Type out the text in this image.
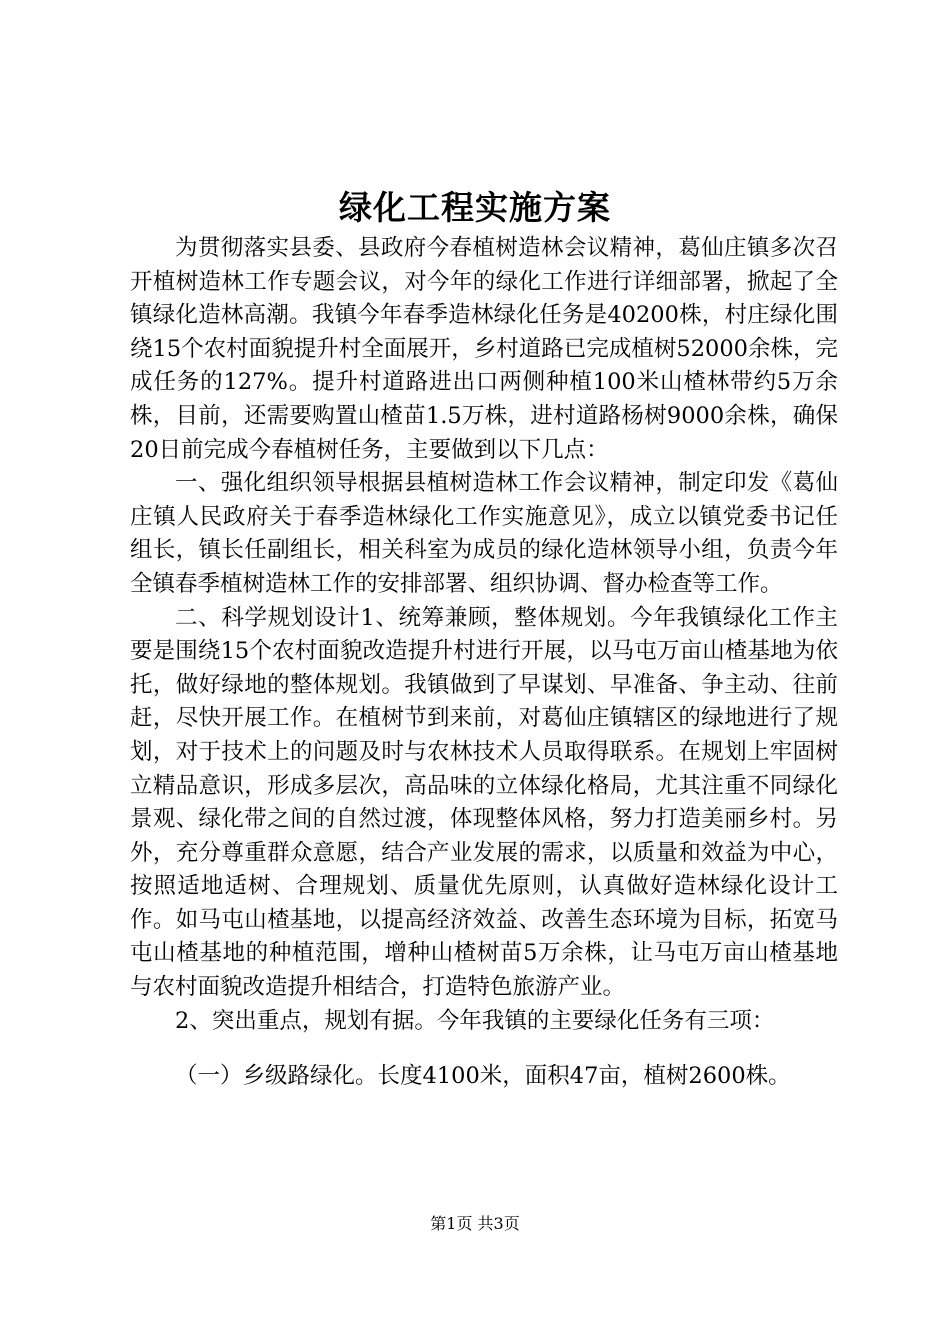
绿化工程实施方案

为贯彻落实县委、县政府今春植树造林会议精神，葛仙庄镇多次召开植树造林工作专题会议，对今年的绿化工作进行详细部署，掀起了全镇绿化造林高潮。我镇今年春季造林绿化任务是40200株，村庄绿化围绕15个农村面貌提升村全面展开，乡村道路已完成植树52000余株，完成任务的127%。提升村道路进出口两侧种植100米山楂林带约5万余株，目前，还需要购置山楂苗1.5万株，进村道路杨树9000余株，确保20日前完成今春植树任务，主要做到以下几点：

一、强化组织领导根据县植树造林工作会议精神，制定印发《葛仙庄镇人民政府关于春季造林绿化工作实施意见》，成立以镇党委书记任组长，镇长任副组长，相关科室为成员的绿化造林领导小组，负责今年全镇春季植树造林工作的安排部署、组织协调、督办检查等工作。

二、科学规划设计1、统筹兼顾，整体规划。今年我镇绿化工作主要是围绕15个农村面貌改造提升村进行开展，以马屯万亩山楂基地为依托，做好绿地的整体规划。我镇做到了早谋划、早准备、争主动、往前赶，尽快开展工作。在植树节到来前，对葛仙庄镇辖区的绿地进行了规划，对于技术上的问题及时与农林技术人员取得联系。在规划上牢固树立精品意识，形成多层次，高品味的立体绿化格局，尤其注重不同绿化景观、绿化带之间的自然过渡，体现整体风格，努力打造美丽乡村。另外，充分尊重群众意愿，结合产业发展的需求，以质量和效益为中心，按照适地适树、合理规划、质量优先原则，认真做好造林绿化设计工作。如马屯山楂基地，以提高经济效益、改善生态环境为目标，拓宽马屯山楂基地的种植范围，增种山楂树苗5万余株，让马屯万亩山楂基地与农村面貌改造提升相结合，打造特色旅游产业。

2、突出重点，规划有据。今年我镇的主要绿化任务有三项：

（一）乡级路绿化。长度4100米，面积47亩，植树2600株。

第1页 共3页
